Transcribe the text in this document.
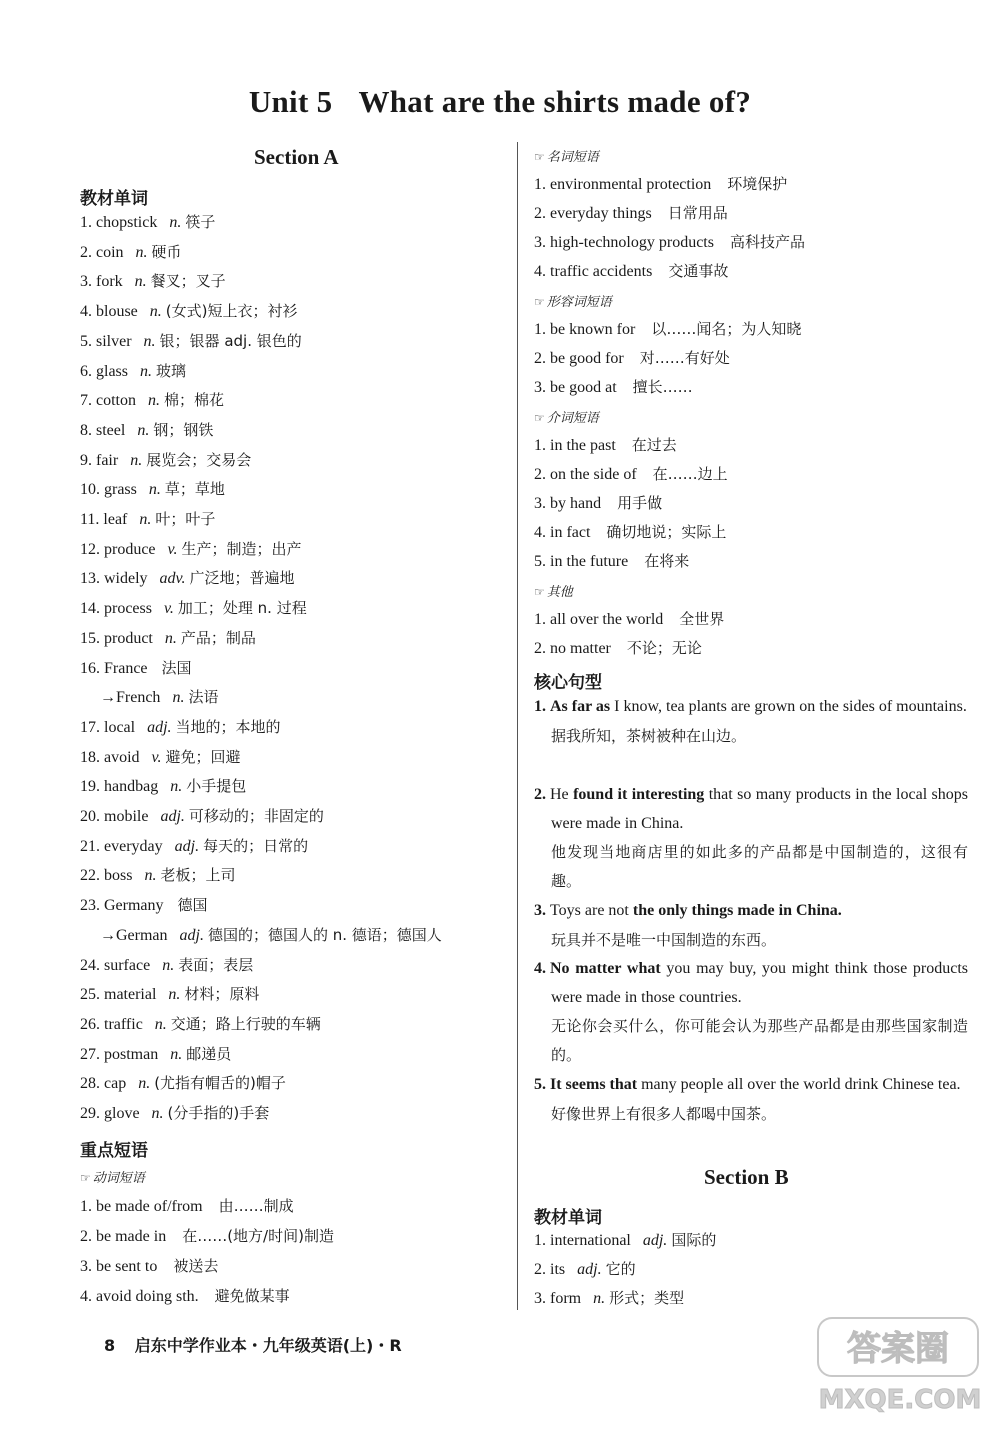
Unit 5 What are the shirts made of?
Section A
教材单词
1. chopstick n. 筷子
2. coin n. 硬币
3. fork n. 餐叉；叉子
4. blouse n. (女式)短上衣；衬衫
5. silver n. 银；银器 adj. 银色的
6. glass n. 玻璃
7. cotton n. 棉；棉花
8. steel n. 钢；钢铁
9. fair n. 展览会；交易会
10. grass n. 草；草地
11. leaf n. 叶；叶子
12. produce v. 生产；制造；出产
13. widely adv. 广泛地；普遍地
14. process v. 加工；处理 n. 过程
15. product n. 产品；制品
16. France 法国
→French n. 法语
17. local adj. 当地的；本地的
18. avoid v. 避免；回避
19. handbag n. 小手提包
20. mobile adj. 可移动的；非固定的
21. everyday adj. 每天的；日常的
22. boss n. 老板；上司
23. Germany 德国
→German adj. 德国的；德国人的 n. 德语；德国人
24. surface n. 表面；表层
25. material n. 材料；原料
26. traffic n. 交通；路上行驶的车辆
27. postman n. 邮递员
28. cap n. (尤指有帽舌的)帽子
29. glove n. (分手指的)手套
重点短语
☞ 动词短语
1. be made of/from 由……制成
2. be made in 在……(地方/时间)制造
3. be sent to 被送去
4. avoid doing sth. 避免做某事
☞ 名词短语
1. environmental protection 环境保护
2. everyday things 日常用品
3. high-technology products 高科技产品
4. traffic accidents 交通事故
☞ 形容词短语
1. be known for 以……闻名；为人知晓
2. be good for 对……有好处
3. be good at 擅长……
☞ 介词短语
1. in the past 在过去
2. on the side of 在……边上
3. by hand 用手做
4. in fact 确切地说；实际上
5. in the future 在将来
☞ 其他
1. all over the world 全世界
2. no matter 不论；无论
核心句型
1. As far as I know, tea plants are grown on the sides of mountains.
据我所知，茶树被种在山边。
2. He found it interesting that so many products in the local shops were made in China.
他发现当地商店里的如此多的产品都是中国制造的，这很有趣。
3. Toys are not the only things made in China.
玩具并不是唯一中国制造的东西。
4. No matter what you may buy, you might think those products were made in those countries.
无论你会买什么，你可能会认为那些产品都是由那些国家制造的。
5. It seems that many people all over the world drink Chinese tea.
好像世界上有很多人都喝中国茶。
Section B
教材单词
1. international adj. 国际的
2. its adj. 它的
3. form n. 形式；类型
8 启东中学作业本・九年级英语(上)・R	答案圈
MXQE.COM
